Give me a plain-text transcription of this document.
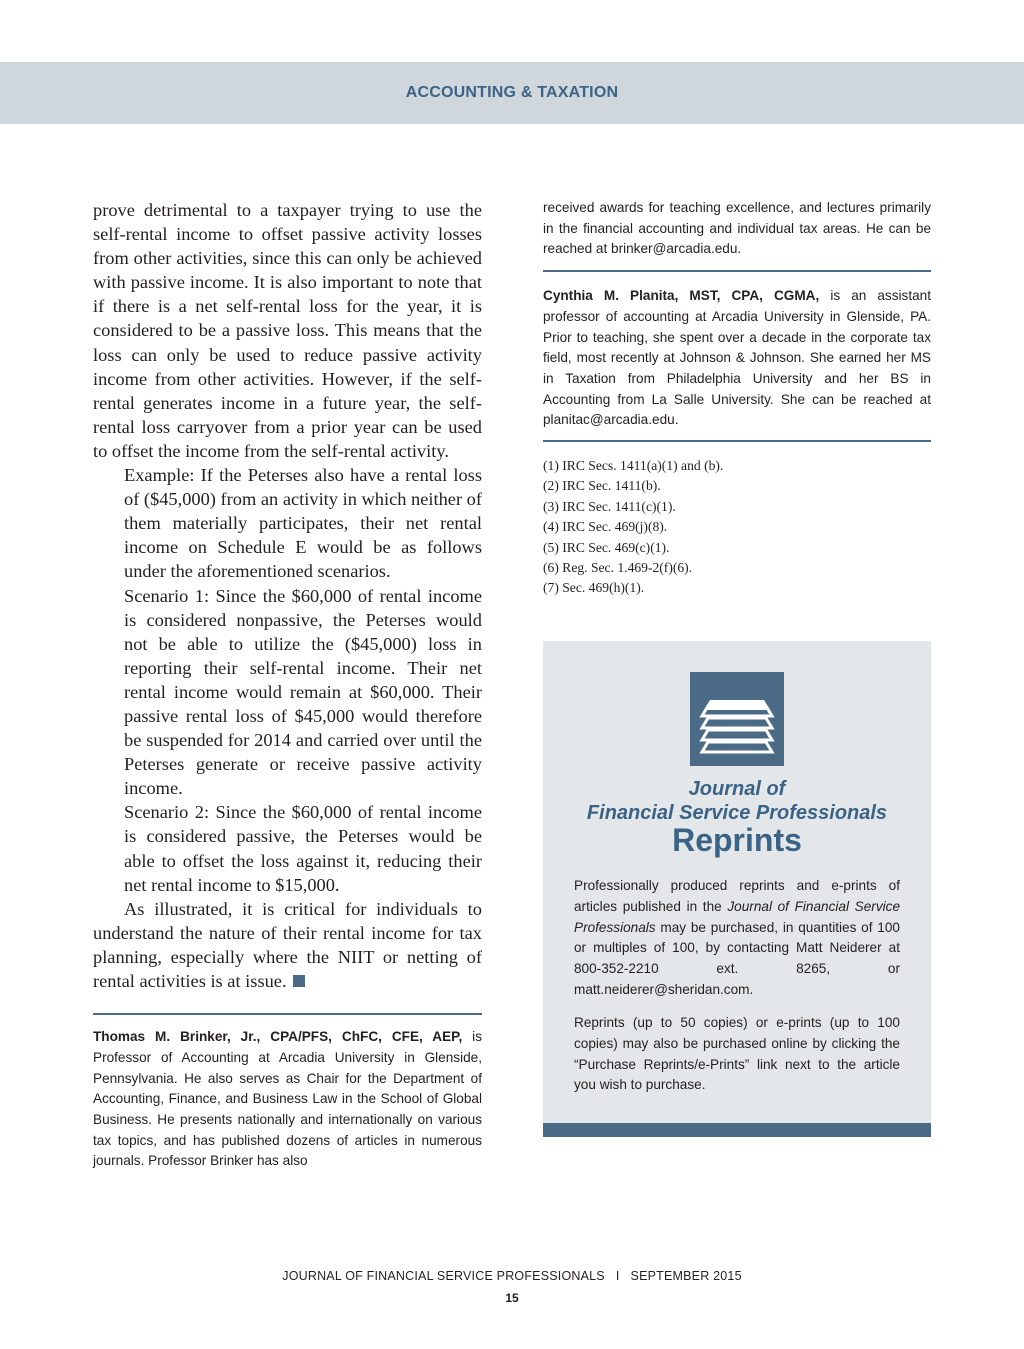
ACCOUNTING & TAXATION

prove detrimental to a taxpayer trying to use the self-rental income to offset passive activity losses from other activities, since this can only be achieved with passive income. It is also important to note that if there is a net self-rental loss for the year, it is considered to be a passive loss. This means that the loss can only be used to reduce passive activity income from other activities. However, if the self-rental generates income in a future year, the self-rental loss carryover from a prior year can be used to offset the income from the self-rental activity.

Example: If the Peterses also have a rental loss of ($45,000) from an activity in which neither of them materially participates, their net rental income on Schedule E would be as follows under the aforementioned scenarios.

Scenario 1: Since the $60,000 of rental income is considered nonpassive, the Peterses would not be able to utilize the ($45,000) loss in reporting their self-rental income. Their net rental income would remain at $60,000. Their passive rental loss of $45,000 would therefore be suspended for 2014 and carried over until the Peterses generate or receive passive activity income.

Scenario 2: Since the $60,000 of rental income is considered passive, the Peterses would be able to offset the loss against it, reducing their net rental income to $15,000.

As illustrated, it is critical for individuals to understand the nature of their rental income for tax planning, especially where the NIIT or netting of rental activities is at issue.

Thomas M. Brinker, Jr., CPA/PFS, ChFC, CFE, AEP, is Professor of Accounting at Arcadia University in Glenside, Pennsylvania. He also serves as Chair for the Department of Accounting, Finance, and Business Law in the School of Global Business. He presents nationally and internationally on various tax topics, and has published dozens of articles in numerous journals. Professor Brinker has also

received awards for teaching excellence, and lectures primarily in the financial accounting and individual tax areas. He can be reached at brinker@arcadia.edu.

Cynthia M. Planita, MST, CPA, CGMA, is an assistant professor of accounting at Arcadia University in Glenside, PA. Prior to teaching, she spent over a decade in the corporate tax field, most recently at Johnson & Johnson. She earned her MS in Taxation from Philadelphia University and her BS in Accounting from La Salle University. She can be reached at planitac@arcadia.edu.

(1) IRC Secs. 1411(a)(1) and (b).
(2) IRC Sec. 1411(b).
(3) IRC Sec. 1411(c)(1).
(4) IRC Sec. 469(j)(8).
(5) IRC Sec. 469(c)(1).
(6) Reg. Sec. 1.469-2(f)(6).
(7) Sec. 469(h)(1).
Journal of
Financial Service Professionals
Reprints

Professionally produced reprints and e-prints of articles published in the Journal of Financial Service Professionals may be purchased, in quantities of 100 or multiples of 100, by contacting Matt Neiderer at 800-352-2210 ext. 8265, or matt.neiderer@sheridan.com.

Reprints (up to 50 copies) or e-prints (up to 100 copies) may also be purchased online by clicking the “Purchase Reprints/e-Prints” link next to the article you wish to purchase.

JOURNAL OF FINANCIAL SERVICE PROFESSIONALS   I   SEPTEMBER 2015
15
